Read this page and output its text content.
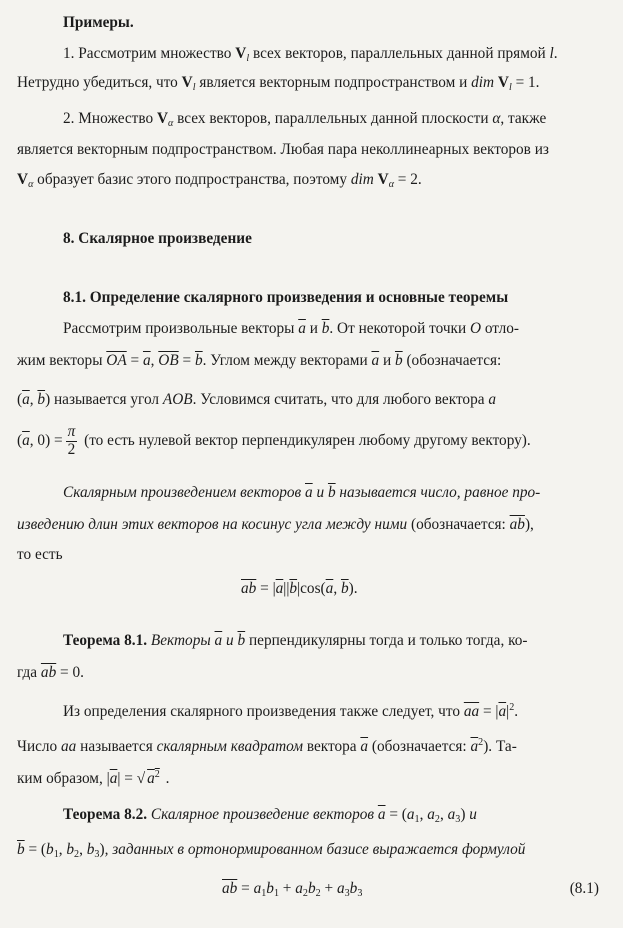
Примеры.
1. Рассмотрим множество $V_l$ всех векторов, параллельных данной прямой l.
Нетрудно убедиться, что $V_l$ является векторным подпространством и dim $V_l = 1$.
2. Множество $V_\alpha$ всех векторов, параллельных данной плоскости α, также
является векторным подпространством. Любая пара неколлинеарных векторов из
$V_\alpha$ образует базис этого подпространства, поэтому dim $V_\alpha = 2$.
8. Скалярное произведение
8.1. Определение скалярного произведения и основные теоремы
Рассмотрим произвольные векторы $\overline{a}$ и $\overline{b}$. От некоторой точки O отло-
жим векторы $\overline{OA} = \overline{a}$, $\overline{OB} = \overline{b}$. Углом между векторами $\overline{a}$ и $\overline{b}$ (обозначается:
($\overline{a}$, $\overline{b}$) называется угол AOB. Условимся считать, что для любого вектора a
($\overline{a}$, $0) = \frac{\pi}{2} (то$ есть нулевой вектор перпендикулярен любому другому вектору).
Скалярным произведением векторов $\overline{a}$ и $\overline{b}$ называется число, равное про-
изведению длин этих векторов на косинус угла между ними (обозначается: $\overline{ab}$),
то есть
$\overline{ab} = |\overline{a}||\overline{b}|\cos(\overline{a}$, $\overline{b}$).
Теорема 8.1. Векторы $\overline{a}$ и $\overline{b}$ перпендикулярны тогда и только тогда, ко-
гда $\overline{ab} = 0$.
Из определения скалярного произведения также следует, что $\overline{aa} = |\overline{a}|^2$.
Число aa называется скалярным квадратом вектора $\overline{a}$ (обозначается: $\overline{a}^2$). Та-
ким образом, $|\overline{a}|$ = √ $a^2$ .
Теорема 8.2. Скалярное произведение векторов $\overline{a} = (a_1$, $a_2$, $a_3$) и
$\overline{b} = (b_1$, $b_2$, $b_3$), заданных в ортонормированном базисе выражается формулой
$\overline{ab} = a_1b_1 + a_2b_2 + a_3b_3$	(8.1)
